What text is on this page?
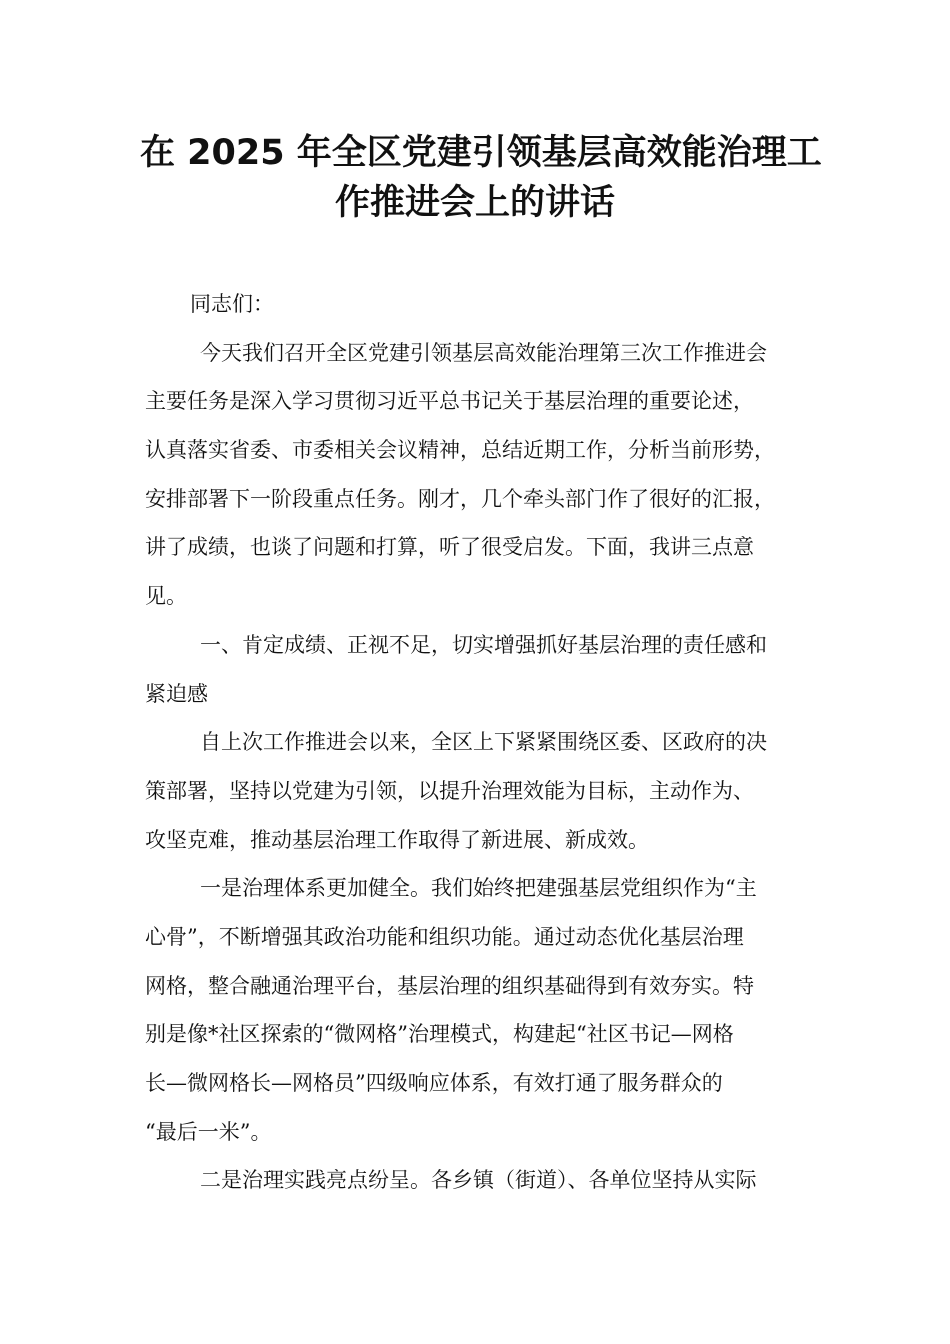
在 2025 年全区党建引领基层高效能治理工
作推进会上的讲话
同志们：
今天我们召开全区党建引领基层高效能治理第三次工作推进会
主要任务是深入学习贯彻习近平总书记关于基层治理的重要论述，
认真落实省委、市委相关会议精神，总结近期工作，分析当前形势，
安排部署下一阶段重点任务。刚才，几个牵头部门作了很好的汇报，
讲了成绩，也谈了问题和打算，听了很受启发。下面，我讲三点意
见。
一、肯定成绩、正视不足，切实增强抓好基层治理的责任感和
紧迫感
自上次工作推进会以来，全区上下紧紧围绕区委、区政府的决
策部署，坚持以党建为引领，以提升治理效能为目标，主动作为、
攻坚克难，推动基层治理工作取得了新进展、新成效。
一是治理体系更加健全。我们始终把建强基层党组织作为“主
心骨”，不断增强其政治功能和组织功能。通过动态优化基层治理
网格，整合融通治理平台，基层治理的组织基础得到有效夯实。特
别是像*社区探索的“微网格”治理模式，构建起“社区书记—网格
长—微网格长—网格员”四级响应体系，有效打通了服务群众的
“最后一米”。
二是治理实践亮点纷呈。各乡镇（街道）、各单位坚持从实际
